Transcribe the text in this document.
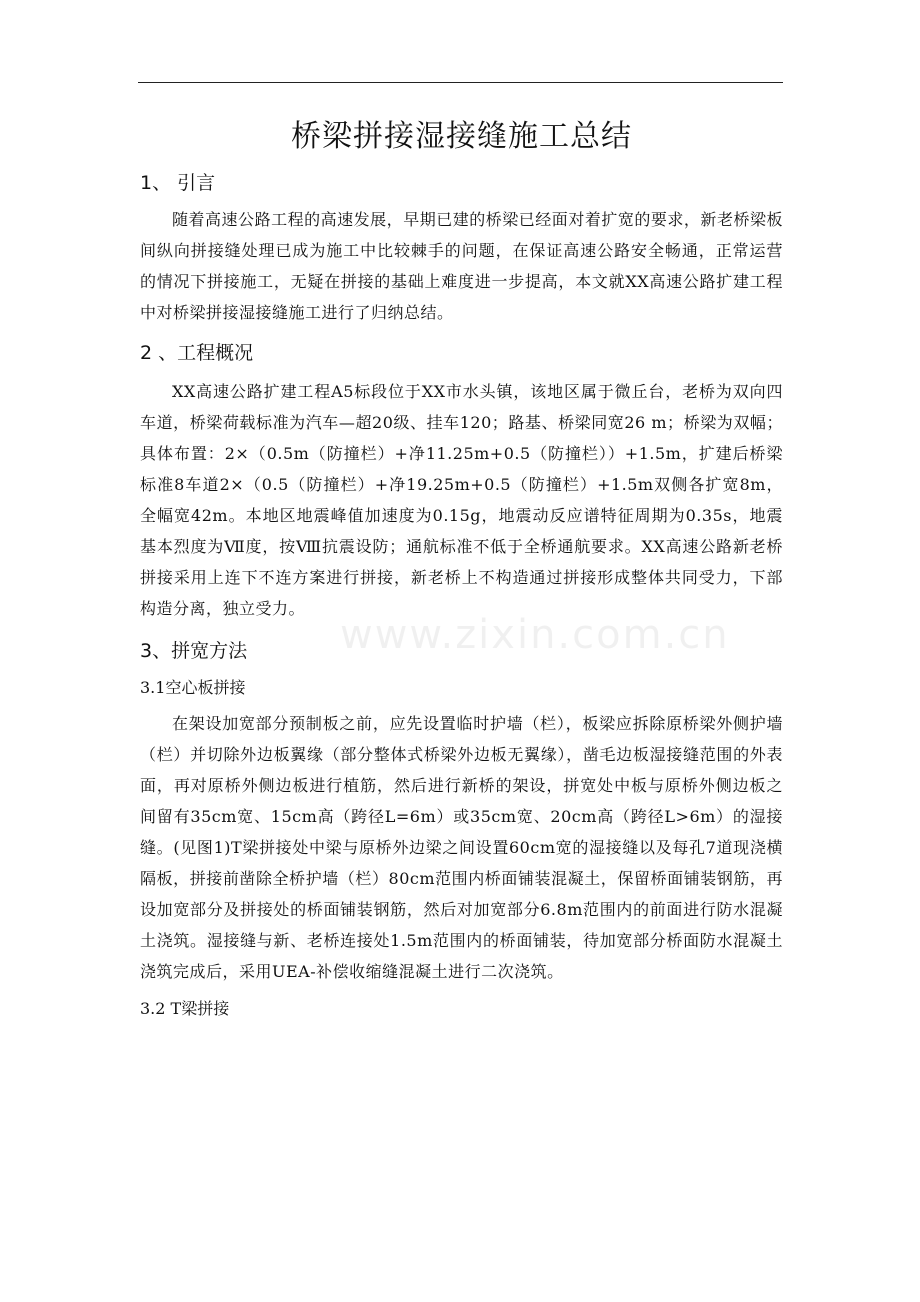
www.zixin.com.cn
桥梁拼接湿接缝施工总结
1、 引言

随着高速公路工程的高速发展，早期已建的桥梁已经面对着扩宽的要求，新老桥梁板间纵向拼接缝处理已成为施工中比较棘手的问题，在保证高速公路安全畅通，正常运营的情况下拼接施工，无疑在拼接的基础上难度进一步提高，本文就XX高速公路扩建工程中对桥梁拼接湿接缝施工进行了归纳总结。

2 、工程概况

XX高速公路扩建工程A5标段位于XX市水头镇，该地区属于微丘台，老桥为双向四车道，桥梁荷载标准为汽车—超20级、挂车120；路基、桥梁同宽26 m；桥梁为双幅；具体布置：2×（0.5m（防撞栏）+净11.25m+0.5（防撞栏））+1.5m，扩建后桥梁标准8车道2×（0.5（防撞栏）+净19.25m+0.5（防撞栏）+1.5m双侧各扩宽8m，全幅宽42m。本地区地震峰值加速度为0.15g，地震动反应谱特征周期为0.35s，地震基本烈度为Ⅶ度，按Ⅷ抗震设防；通航标准不低于全桥通航要求。XX高速公路新老桥拼接采用上连下不连方案进行拼接，新老桥上不构造通过拼接形成整体共同受力，下部构造分离，独立受力。

3、拼宽方法
3.1空心板拼接

在架设加宽部分预制板之前，应先设置临时护墙（栏），板梁应拆除原桥梁外侧护墙（栏）并切除外边板翼缘（部分整体式桥梁外边板无翼缘），凿毛边板湿接缝范围的外表面，再对原桥外侧边板进行植筋，然后进行新桥的架设，拼宽处中板与原桥外侧边板之间留有35cm宽、15cm高（跨径L=6m）或35cm宽、20cm高（跨径L>6m）的湿接缝。(见图1)T梁拼接处中梁与原桥外边梁之间设置60cm宽的湿接缝以及每孔7道现浇横隔板，拼接前凿除全桥护墙（栏）80cm范围内桥面铺装混凝土，保留桥面铺装钢筋，再设加宽部分及拼接处的桥面铺装钢筋，然后对加宽部分6.8m范围内的前面进行防水混凝土浇筑。湿接缝与新、老桥连接处1.5m范围内的桥面铺装，待加宽部分桥面防水混凝土浇筑完成后，采用UEA-补偿收缩缝混凝土进行二次浇筑。

3.2 T梁拼接
